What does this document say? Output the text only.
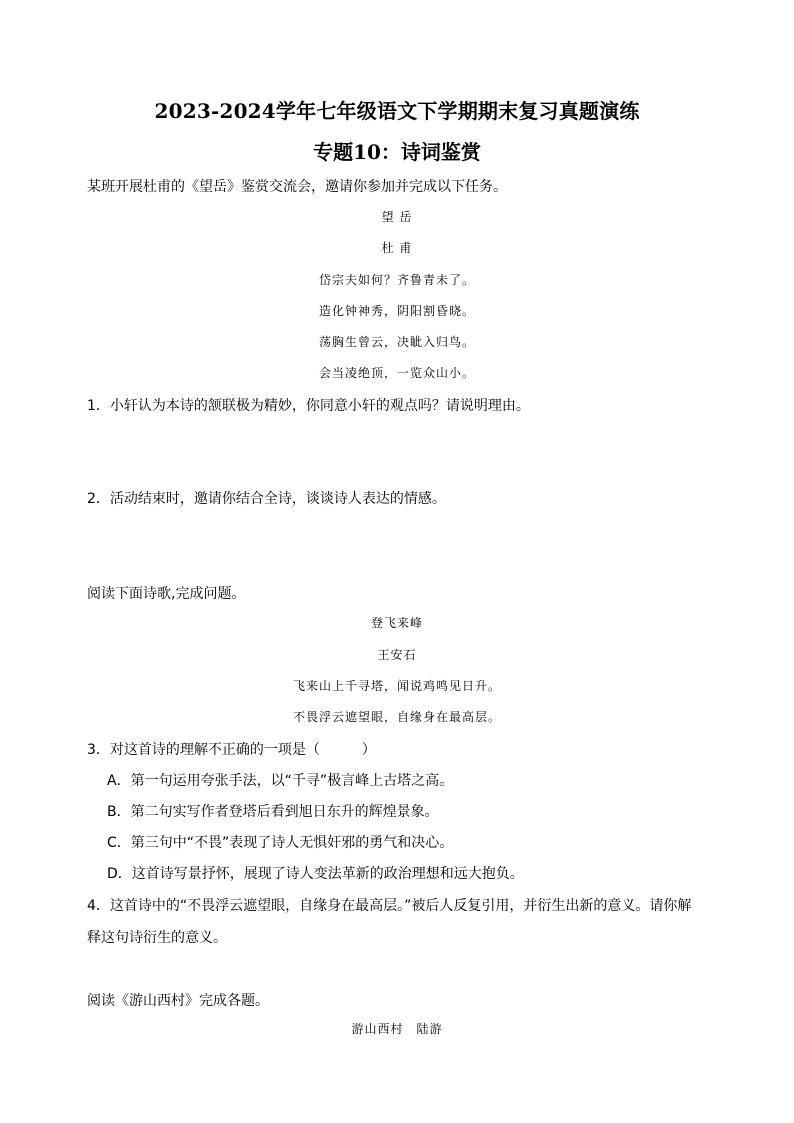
2023-2024学年七年级语文下学期期末复习真题演练
专题10：诗词鉴赏
某班开展杜甫的《望岳》鉴赏交流会，邀请你参加并完成以下任务。
望 岳
杜 甫
岱宗夫如何？齐鲁青未了。
造化钟神秀，阴阳割昏晓。
荡胸生曾云，决眦入归鸟。
会当凌绝顶，一览众山小。
1．小轩认为本诗的颔联极为精妙，你同意小轩的观点吗？请说明理由。
2．活动结束时，邀请你结合全诗，谈谈诗人表达的情感。
阅读下面诗歌,完成问题。
登飞来峰
王安石
飞来山上千寻塔，闻说鸡鸣见日升。
不畏浮云遮望眼，自缘身在最高层。
3．对这首诗的理解不正确的一项是（　　　）
A．第一句运用夸张手法，以“千寻”极言峰上古塔之高。
B．第二句实写作者登塔后看到旭日东升的辉煌景象。
C．第三句中“不畏”表现了诗人无惧奸邪的勇气和决心。
D．这首诗写景抒怀，展现了诗人变法革新的政治理想和远大抱负。
4．这首诗中的“不畏浮云遮望眼，自缘身在最高层。”被后人反复引用，并衍生出新的意义。请你解
释这句诗衍生的意义。
阅读《游山西村》完成各题。
游山西村　陆游
